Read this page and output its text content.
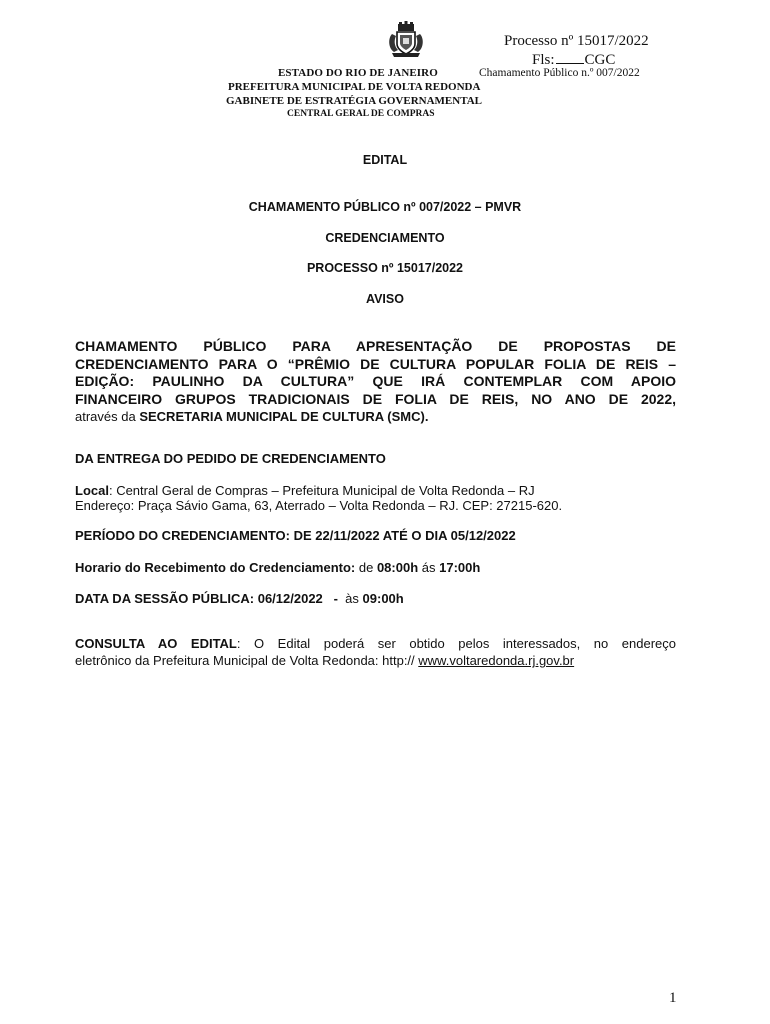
Processo nº 15017/2022
Fls: CGC
ESTADO DO RIO DE JANEIRO	Chamamento Público n.º 007/2022
PREFEITURA MUNICIPAL DE VOLTA REDONDA
GABINETE DE ESTRATÉGIA GOVERNAMENTAL
CENTRAL GERAL DE COMPRAS
EDITAL
CHAMAMENTO PÚBLICO nº 007/2022 – PMVR
CREDENCIAMENTO
PROCESSO nº 15017/2022
AVISO
CHAMAMENTO PÚBLICO PARA APRESENTAÇÃO DE PROPOSTAS DE
CREDENCIAMENTO PARA O “PRÊMIO DE CULTURA POPULAR FOLIA DE REIS –
EDIÇÃO: PAULINHO DA CULTURA” QUE IRÁ CONTEMPLAR COM APOIO
FINANCEIRO GRUPOS TRADICIONAIS DE FOLIA DE REIS, NO ANO DE 2022,
através da SECRETARIA MUNICIPAL DE CULTURA (SMC).
DA ENTREGA DO PEDIDO DE CREDENCIAMENTO
Local: Central Geral de Compras – Prefeitura Municipal de Volta Redonda – RJ
Endereço: Praça Sávio Gama, 63, Aterrado – Volta Redonda – RJ. CEP: 27215-620.
PERÍODO DO CREDENCIAMENTO: DE 22/11/2022 ATÉ O DIA 05/12/2022
Horario do Recebimento do Credenciamento: de 08:00h ás 17:00h
DATA DA SESSÃO PÚBLICA: 06/12/2022   -  às 09:00h
CONSULTA AO EDITAL: O Edital poderá ser obtido pelos interessados, no endereço
eletrônico da Prefeitura Municipal de Volta Redonda: http:// www.voltaredonda.rj.gov.br
1
